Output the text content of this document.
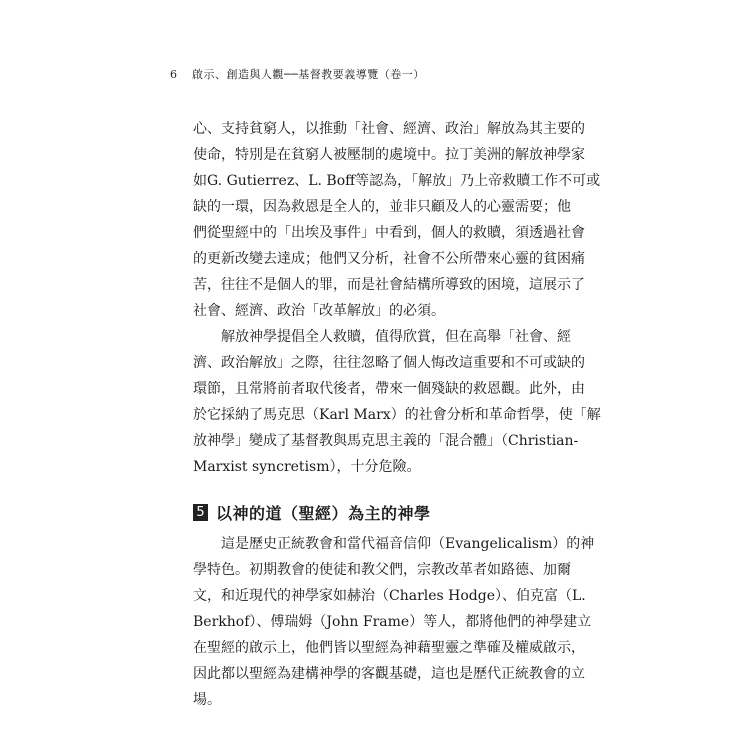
6 啟示、創造與人觀──基督教要義導覽（卷一）
心、支持貧窮人，以推動「社會、經濟、政治」解放為其主要的
使命，特別是在貧窮人被壓制的處境中。拉丁美洲的解放神學家
如G. Gutierrez、L. Boff等認為，「解放」乃上帝救贖工作不可或
缺的一環，因為救恩是全人的，並非只顧及人的心靈需要；他
們從聖經中的「出埃及事件」中看到，個人的救贖，須透過社會
的更新改變去達成；他們又分析，社會不公所帶來心靈的貧困痛
苦，往往不是個人的罪，而是社會結構所導致的困境，這展示了
社會、經濟、政治「改革解放」的必須。
解放神學提倡全人救贖，值得欣賞，但在高舉「社會、經
濟、政治解放」之際，往往忽略了個人悔改這重要和不可或缺的
環節，且常將前者取代後者，帶來一個殘缺的救恩觀。此外，由
於它採納了馬克思（Karl Marx）的社會分析和革命哲學，使「解
放神學」變成了基督教與馬克思主義的「混合體」（Christian-
Marxist syncretism），十分危險。
5 以神的道（聖經）為主的神學
這是歷史正統教會和當代福音信仰（Evangelicalism）的神
學特色。初期教會的使徒和教父們，宗教改革者如路德、加爾
文，和近現代的神學家如赫治（Charles Hodge）、伯克富（L.
Berkhof）、傅瑞姆（John Frame）等人，都將他們的神學建立
在聖經的啟示上，他們皆以聖經為神藉聖靈之準確及權威啟示，
因此都以聖經為建構神學的客觀基礎，這也是歷代正統教會的立
場。
